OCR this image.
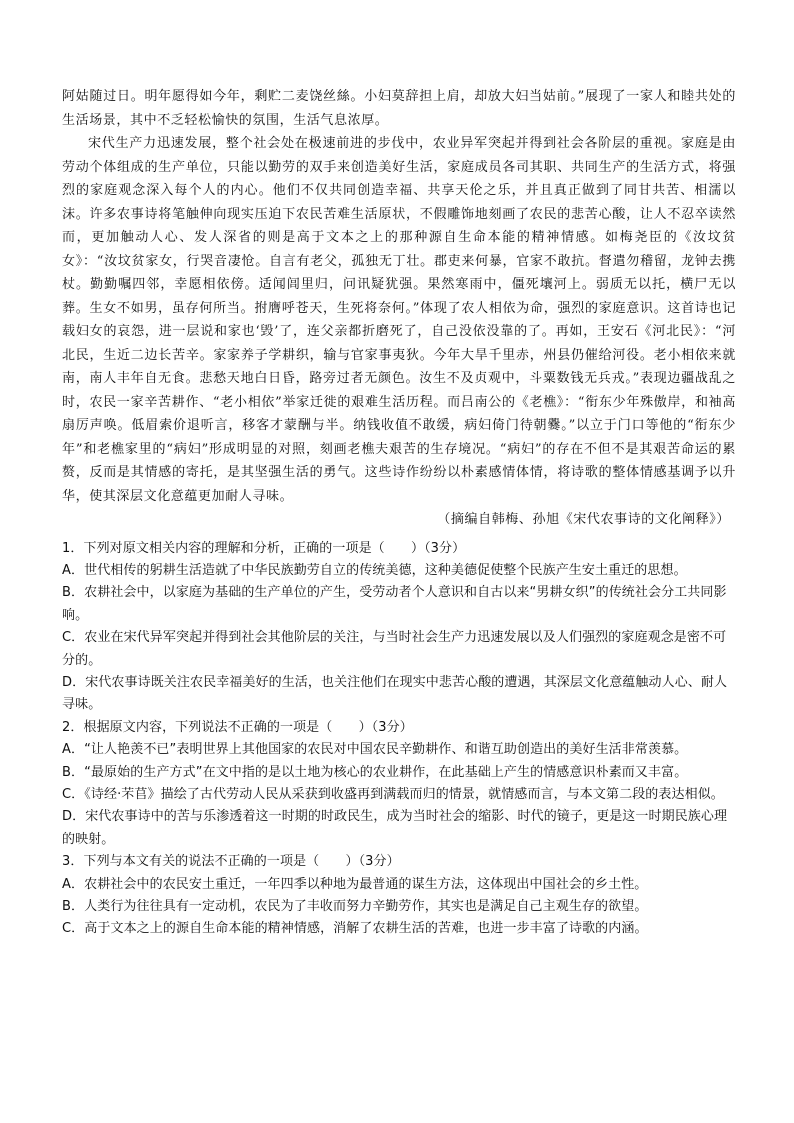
阿姑随过日。明年愿得如今年，剩贮二麦饶丝絲。小妇莫辞担上肩，却放大妇当姑前。”展现了一家人和睦共处的生活场景，其中不乏轻松愉快的氛围，生活气息浓厚。

宋代生产力迅速发展，整个社会处在极速前进的步伐中，农业异军突起并得到社会各阶层的重视。家庭是由劳动个体组成的生产单位，只能以勤劳的双手来创造美好生活，家庭成员各司其职、共同生产的生活方式，将强烈的家庭观念深入每个人的内心。他们不仅共同创造幸福、共享天伦之乐，并且真正做到了同甘共苦、相濡以沫。许多农事诗将笔触伸向现实压迫下农民苦难生活原状，不假雕饰地刻画了农民的悲苦心酸，让人不忍卒读然而，更加触动人心、发人深省的则是高于文本之上的那种源自生命本能的精神情感。如梅尧臣的《汝坟贫女》：“汝坟贫家女，行哭音凄怆。自言有老父，孤独无丁壮。郡吏来何暴，官家不敢抗。督遣勿稽留，龙钟去携杖。勤勤嘱四邻，幸愿相依傍。适闻闾里归，问讯疑犹强。果然寒雨中，僵死壤河上。弱质无以托，横尸无以葬。生女不如男，虽存何所当。拊膺呼苍天，生死将奈何。”体现了农人相依为命，强烈的家庭意识。这首诗也记载妇女的哀怨，进一层说和家也‘毁’了，连父亲都折磨死了，自己没依没靠的了。再如，王安石《河北民》：“河北民，生近二边长苦辛。家家养子学耕织，输与官家事夷狄。今年大旱千里赤，州县仍催给河役。老小相依来就南，南人丰年自无食。悲愁天地白日昏，路旁过者无颜色。汝生不及贞观中，斗粟数钱无兵戎。”表现边疆战乱之时，农民一家辛苦耕作、“老小相依”举家迁徙的艰难生活历程。而吕南公的《老樵》：“衔东少年殊傲岸，和袖高扇厉声唤。低眉索价退听言，移客才蒙酬与半。纳钱收值不敢缓，病妇倚门待朝爨。”以立于门口等他的“衔东少年”和老樵家里的“病妇”形成明显的对照，刻画老樵夫艰苦的生存境况。“病妇”的存在不但不是其艰苦命运的累赘，反而是其情感的寄托，是其坚强生活的勇气。这些诗作纷纷以朴素感情体情，将诗歌的整体情感基调予以升华，使其深层文化意蕴更加耐人寻味。

（摘编自韩梅、孙旭《宋代农事诗的文化阐释》）

1．下列对原文相关内容的理解和分析，正确的一项是（　　）（3分）

A．世代相传的躬耕生活造就了中华民族勤劳自立的传统美德，这种美德促使整个民族产生安土重迁的思想。

B．农耕社会中，以家庭为基础的生产单位的产生，受劳动者个人意识和自古以来“男耕女织”的传统社会分工共同影响。

C．农业在宋代异军突起并得到社会其他阶层的关注，与当时社会生产力迅速发展以及人们强烈的家庭观念是密不可分的。

D．宋代农事诗既关注农民幸福美好的生活，也关注他们在现实中悲苦心酸的遭遇，其深层文化意蕴触动人心、耐人寻味。

2．根据原文内容，下列说法不正确的一项是（　　）（3分）

A．“让人艳羡不已”表明世界上其他国家的农民对中国农民辛勤耕作、和谐互助创造出的美好生活非常羡慕。

B．“最原始的生产方式”在文中指的是以土地为核心的农业耕作，在此基础上产生的情感意识朴素而又丰富。

C．《诗经·芣苢》描绘了古代劳动人民从采获到收盛再到满载而归的情景，就情感而言，与本文第二段的表达相似。

D．宋代农事诗中的苦与乐渗透着这一时期的时政民生，成为当时社会的缩影、时代的镜子，更是这一时期民族心理的映射。

3．下列与本文有关的说法不正确的一项是（　　）（3分）

A．农耕社会中的农民安土重迁，一年四季以种地为最普通的谋生方法，这体现出中国社会的乡土性。

B．人类行为往往具有一定动机，农民为了丰收而努力辛勤劳作，其实也是满足自己主观生存的欲望。

C．高于文本之上的源自生命本能的精神情感，消解了农耕生活的苦难，也进一步丰富了诗歌的内涵。
